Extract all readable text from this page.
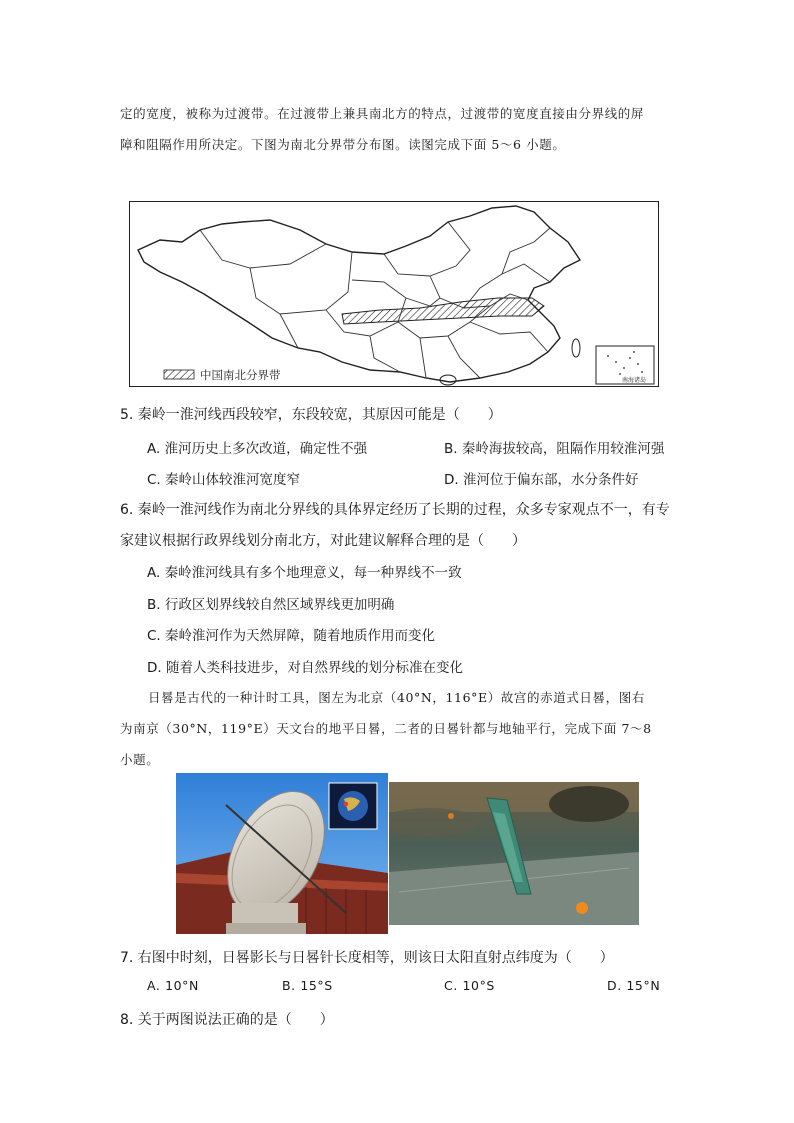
定的宽度，被称为过渡带。在过渡带上兼具南北方的特点，过渡带的宽度直接由分界线的屏
障和阻隔作用所决定。下图为南北分界带分布图。读图完成下面 5～6 小题。
中国南北分界带	南海诸岛
5. 秦岭一淮河线西段较窄，东段较宽，其原因可能是（　　）
A. 淮河历史上多次改道，确定性不强	B. 秦岭海拔较高，阻隔作用较淮河强
C. 秦岭山体较淮河宽度窄	D. 淮河位于偏东部，水分条件好
6. 秦岭一淮河线作为南北分界线的具体界定经历了长期的过程，众多专家观点不一，有专
家建议根据行政界线划分南北方，对此建议解释合理的是（　　）
A. 秦岭淮河线具有多个地理意义，每一种界线不一致
B. 行政区划界线较自然区域界线更加明确
C. 秦岭淮河作为天然屏障，随着地质作用而变化
D. 随着人类科技进步，对自然界线的划分标准在变化
日晷是古代的一种计时工具，图左为北京（40°N，116°E）故宫的赤道式日晷，图右
为南京（30°N，119°E）天文台的地平日晷，二者的日晷针都与地轴平行，完成下面 7～8
小题。
7. 右图中时刻，日晷影长与日晷针长度相等，则该日太阳直射点纬度为（　　）
A. 10°N	B. 15°S	C. 10°S	D. 15°N
8. 关于两图说法正确的是（　　）
